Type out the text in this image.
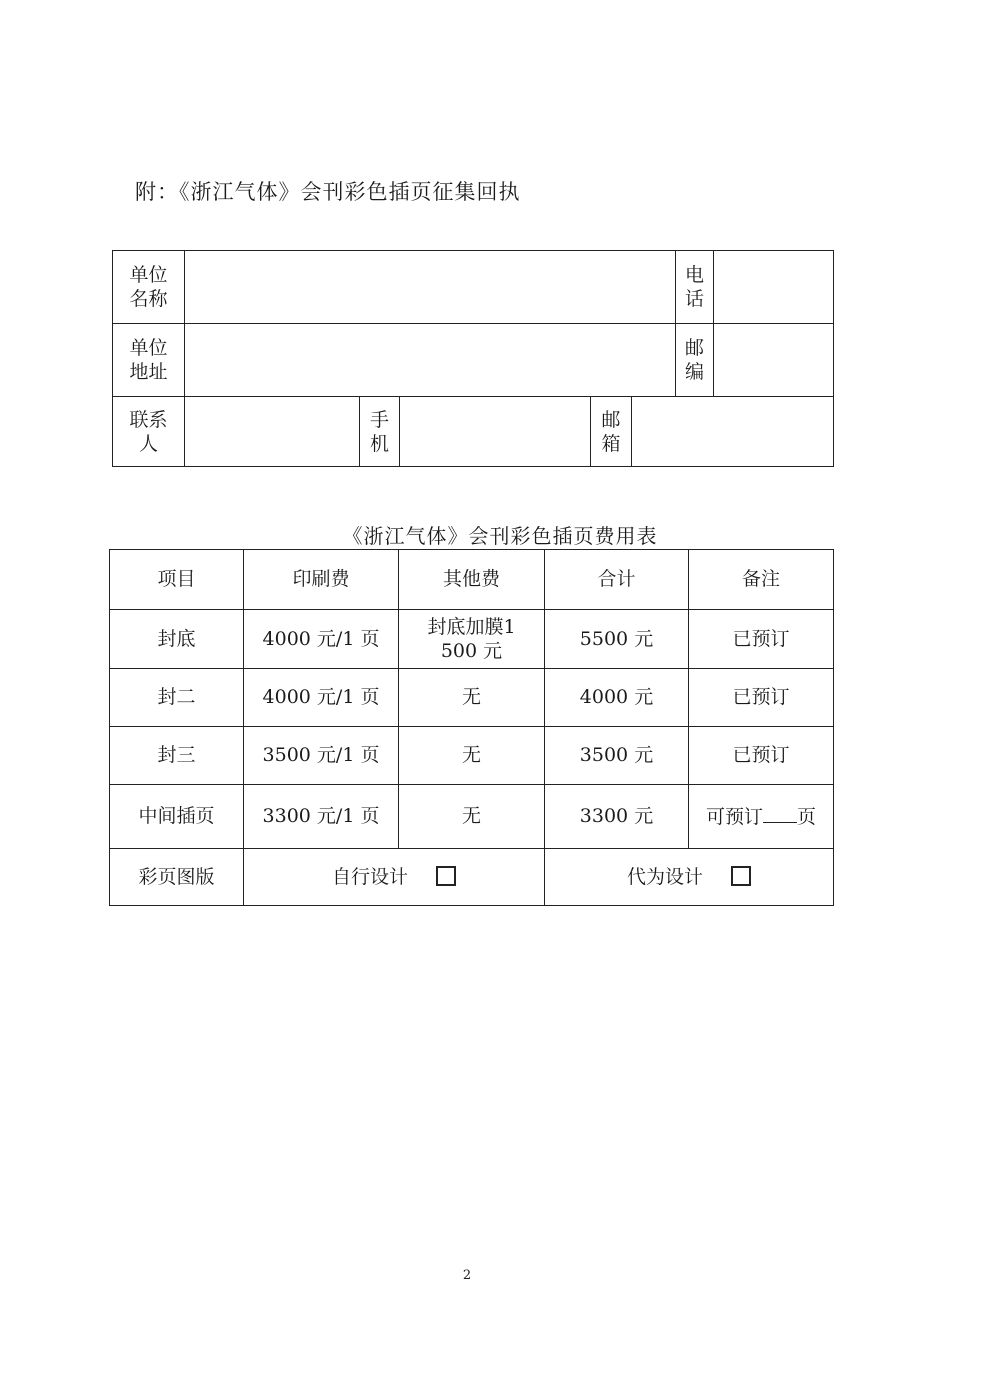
附：《浙江气体》会刊彩色插页征集回执
单位名称						电话	
单位地址						邮编	
联系人		手机		邮箱			
《浙江气体》会刊彩色插页费用表
项目	印刷费	其他费	合计	备注
封底	4000 元/1 页	封底加膜1500 元	5500 元	已预订
封二	4000 元/1 页	无	4000 元	已预订
封三	3500 元/1 页	无	3500 元	已预订
中间插页	3300 元/1 页	无	3300 元	可预订 页
彩页图版	自行设计		代为设计	
2
